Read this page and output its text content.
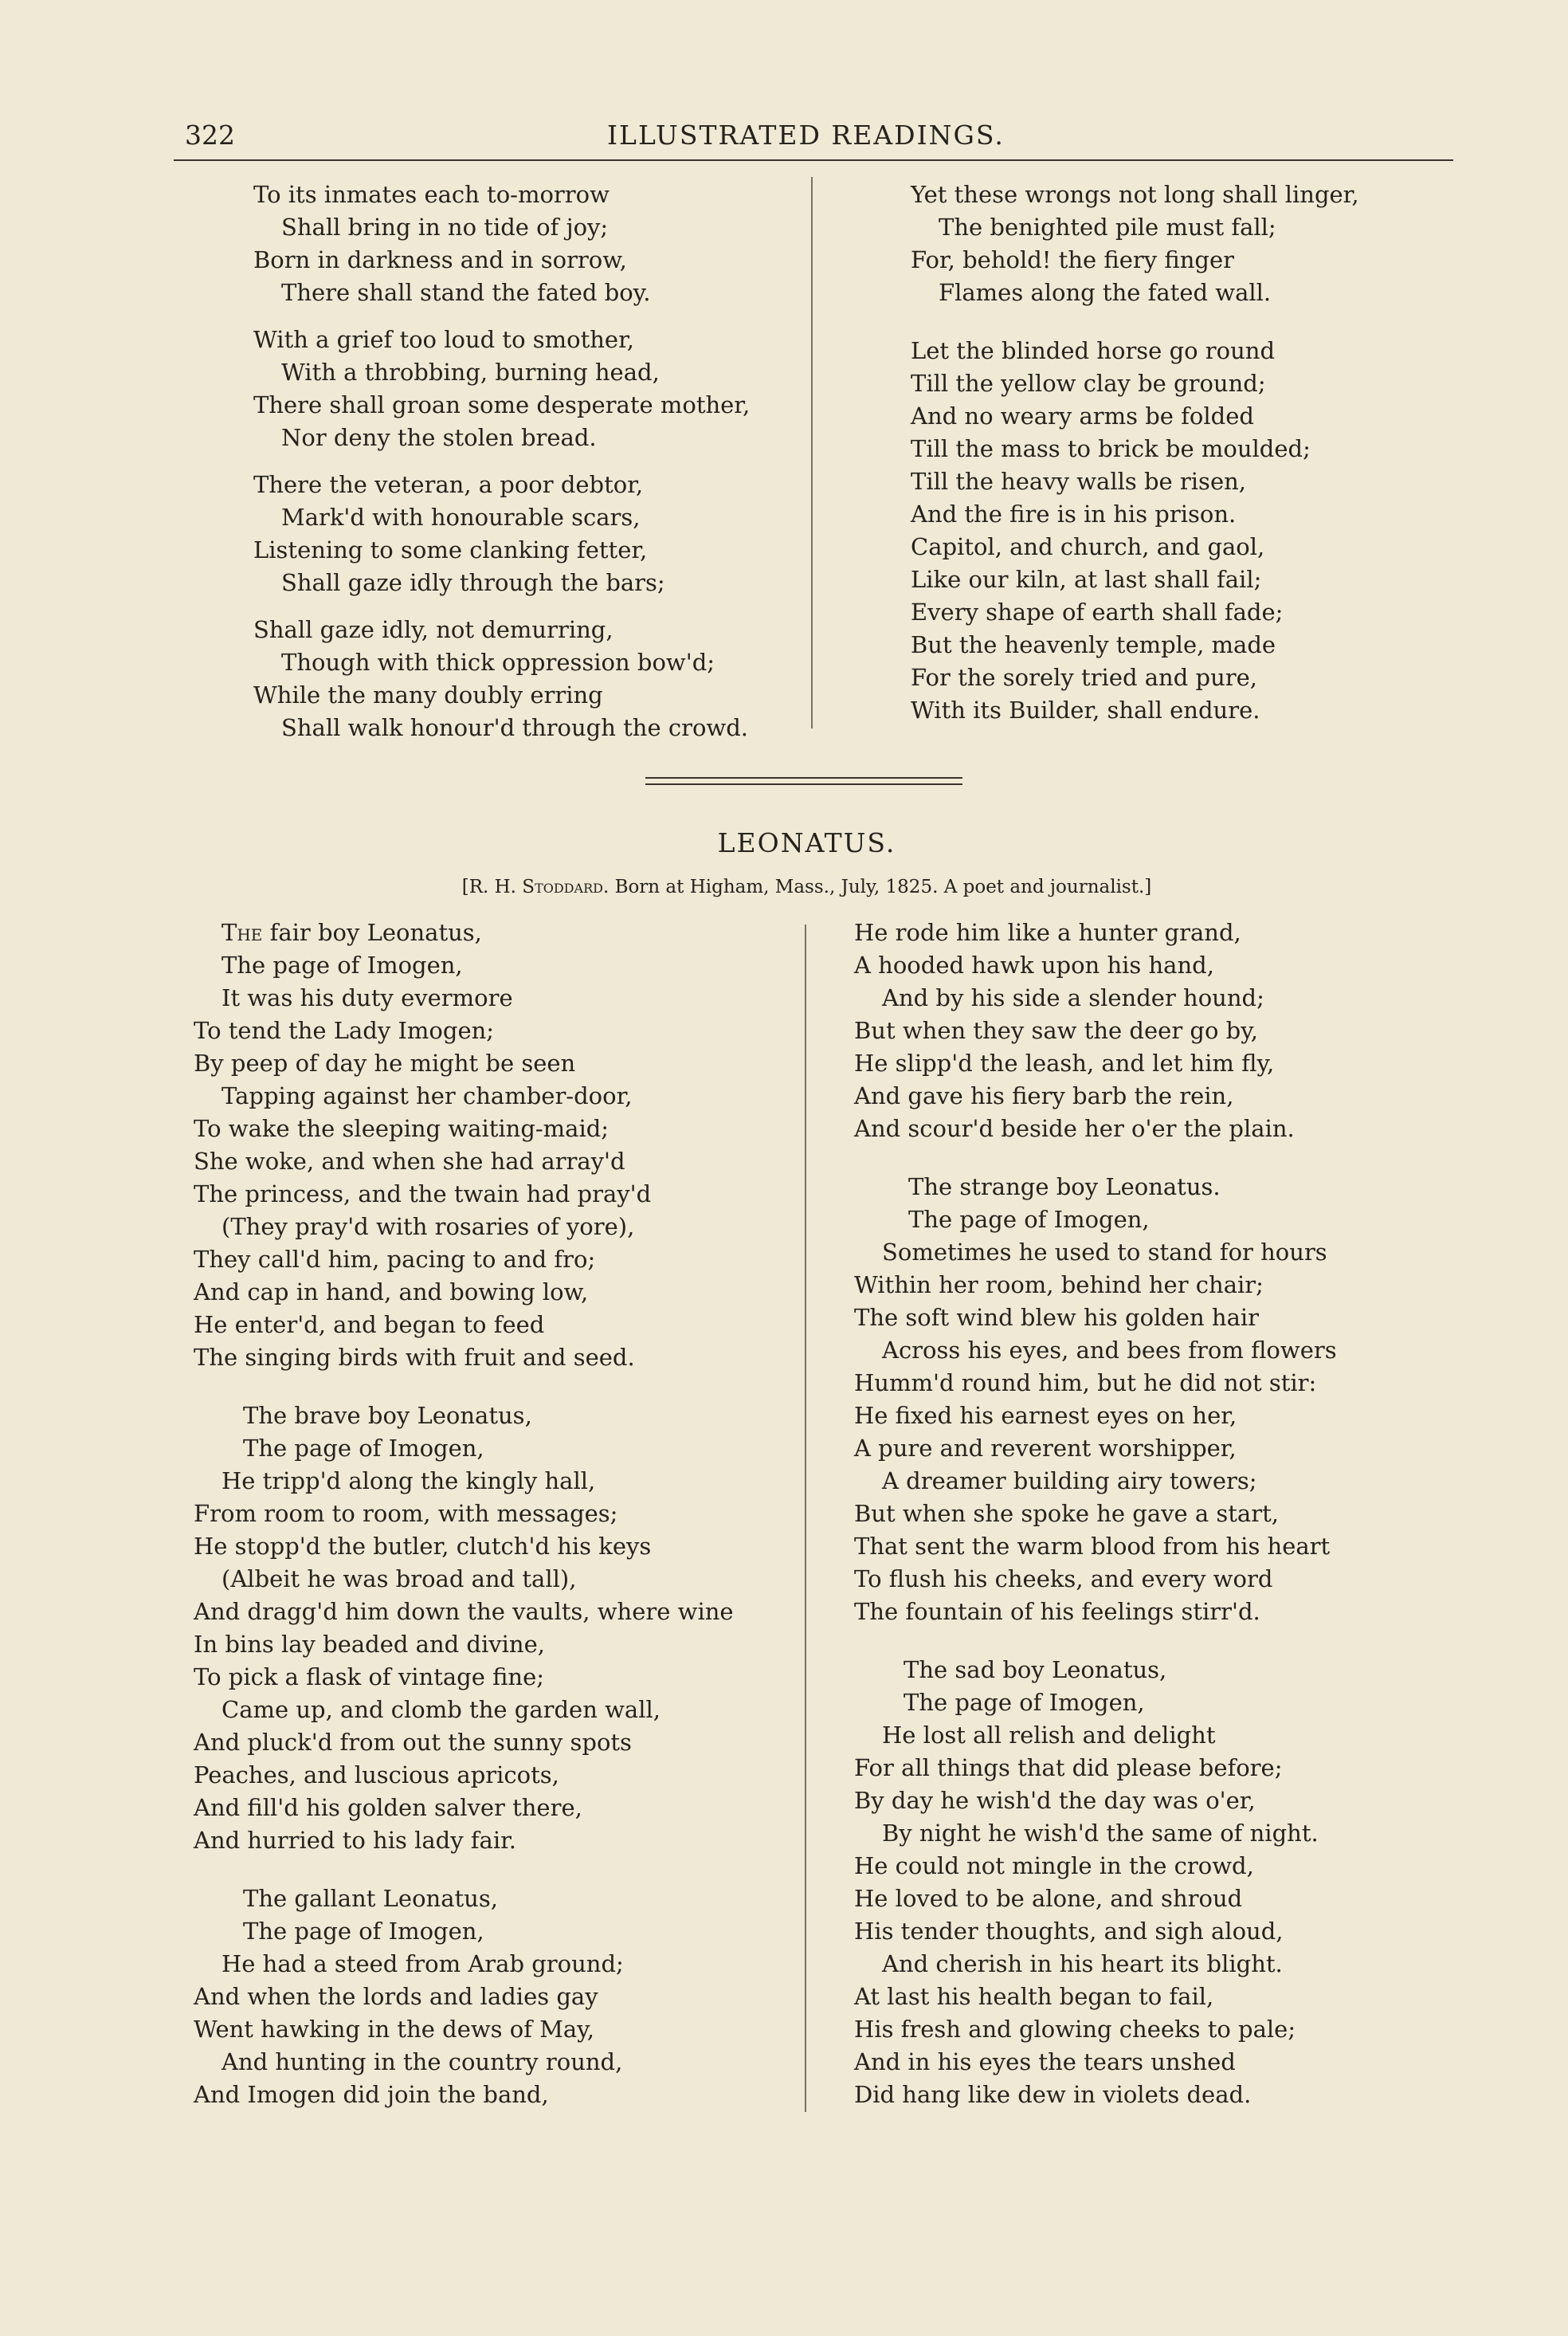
322	ILLUSTRATED READINGS.
To its inmates each to-morrow
Shall bring in no tide of joy;
Born in darkness and in sorrow,
There shall stand the fated boy.
With a grief too loud to smother,
With a throbbing, burning head,
There shall groan some desperate mother,
Nor deny the stolen bread.
There the veteran, a poor debtor,
Mark'd with honourable scars,
Listening to some clanking fetter,
Shall gaze idly through the bars;
Shall gaze idly, not demurring,
Though with thick oppression bow'd;
While the many doubly erring
Shall walk honour'd through the crowd.
Yet these wrongs not long shall linger,
The benighted pile must fall;
For, behold! the fiery finger
Flames along the fated wall.
Let the blinded horse go round
Till the yellow clay be ground;
And no weary arms be folded
Till the mass to brick be moulded;
Till the heavy walls be risen,
And the fire is in his prison.
Capitol, and church, and gaol,
Like our kiln, at last shall fail;
Every shape of earth shall fade;
But the heavenly temple, made
For the sorely tried and pure,
With its Builder, shall endure.
LEONATUS.
[R. H. Stoddard. Born at Higham, Mass., July, 1825. A poet and journalist.]
The fair boy Leonatus,
The page of Imogen,
It was his duty evermore
To tend the Lady Imogen;
By peep of day he might be seen
Tapping against her chamber-door,
To wake the sleeping waiting-maid;
She woke, and when she had array'd
The princess, and the twain had pray'd
(They pray'd with rosaries of yore),
They call'd him, pacing to and fro;
And cap in hand, and bowing low,
He enter'd, and began to feed
The singing birds with fruit and seed.
The brave boy Leonatus,
The page of Imogen,
He tripp'd along the kingly hall,
From room to room, with messages;
He stopp'd the butler, clutch'd his keys
(Albeit he was broad and tall),
And dragg'd him down the vaults, where wine
In bins lay beaded and divine,
To pick a flask of vintage fine;
Came up, and clomb the garden wall,
And pluck'd from out the sunny spots
Peaches, and luscious apricots,
And fill'd his golden salver there,
And hurried to his lady fair.
The gallant Leonatus,
The page of Imogen,
He had a steed from Arab ground;
And when the lords and ladies gay
Went hawking in the dews of May,
And hunting in the country round,
And Imogen did join the band,
He rode him like a hunter grand,
A hooded hawk upon his hand,
And by his side a slender hound;
But when they saw the deer go by,
He slipp'd the leash, and let him fly,
And gave his fiery barb the rein,
And scour'd beside her o'er the plain.
The strange boy Leonatus.
The page of Imogen,
Sometimes he used to stand for hours
Within her room, behind her chair;
The soft wind blew his golden hair
Across his eyes, and bees from flowers
Humm'd round him, but he did not stir:
He fixed his earnest eyes on her,
A pure and reverent worshipper,
A dreamer building airy towers;
But when she spoke he gave a start,
That sent the warm blood from his heart
To flush his cheeks, and every word
The fountain of his feelings stirr'd.
The sad boy Leonatus,
The page of Imogen,
He lost all relish and delight
For all things that did please before;
By day he wish'd the day was o'er,
By night he wish'd the same of night.
He could not mingle in the crowd,
He loved to be alone, and shroud
His tender thoughts, and sigh aloud,
And cherish in his heart its blight.
At last his health began to fail,
His fresh and glowing cheeks to pale;
And in his eyes the tears unshed
Did hang like dew in violets dead.
